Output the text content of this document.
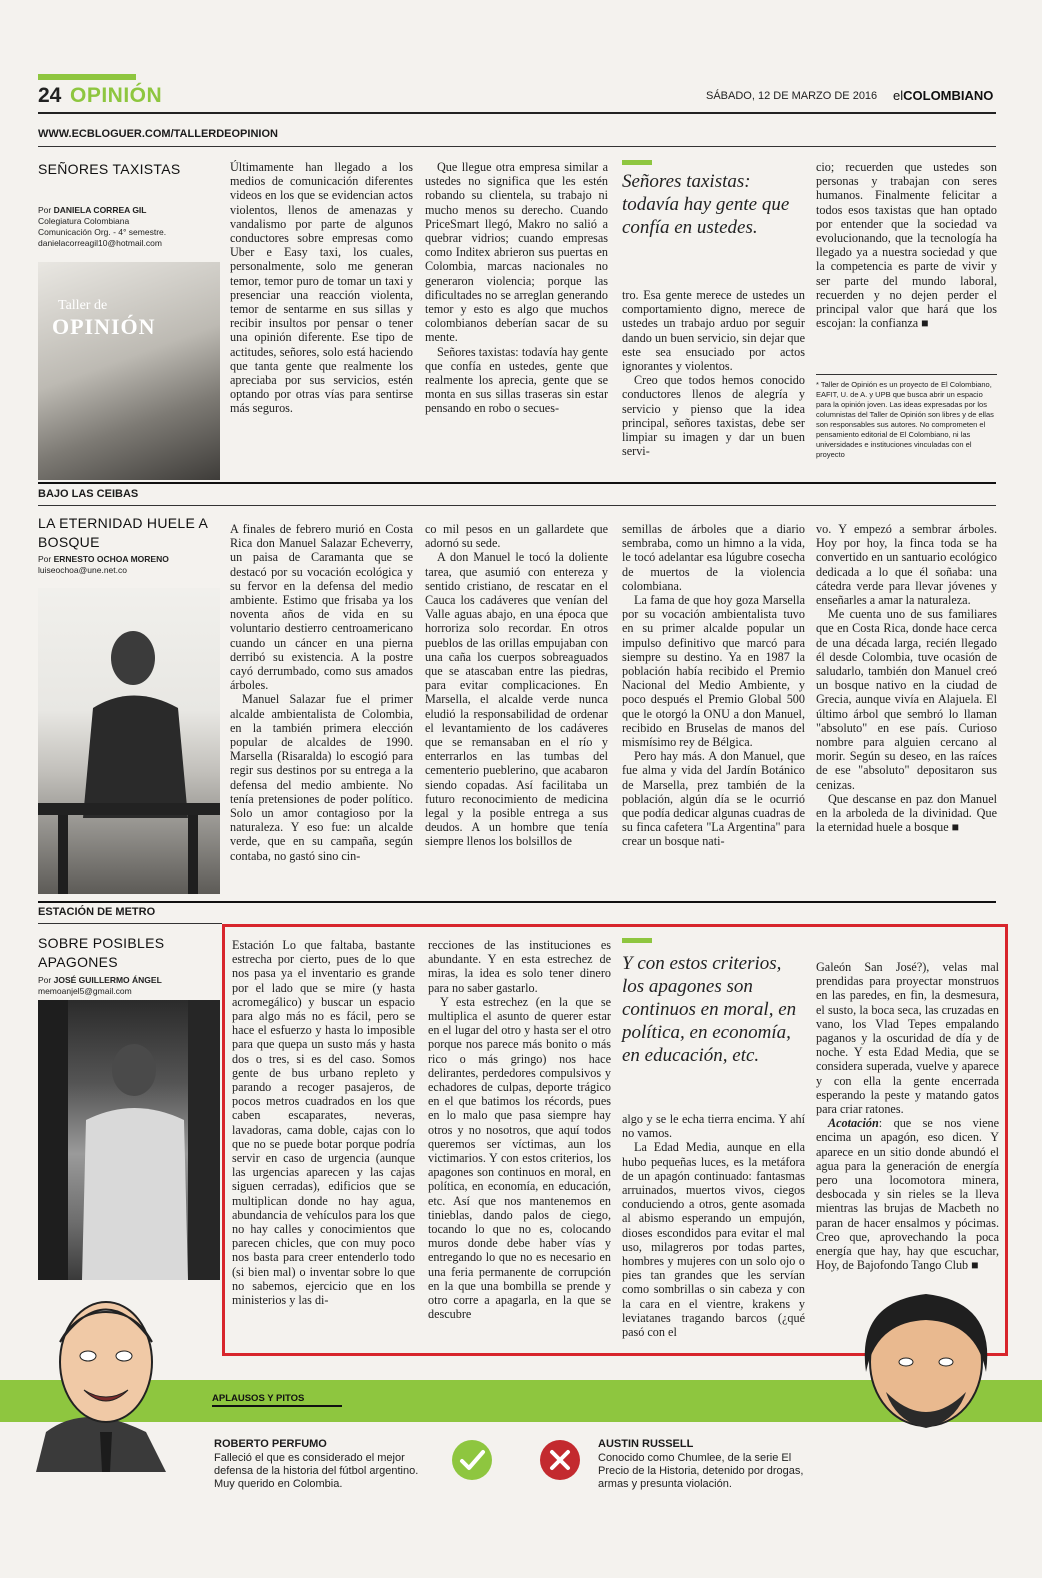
24 OPINIÓN	SÁBADO, 12 DE MARZO DE 2016 elCOLOMBIANO
WWW.ECBLOGUER.COM/TALLERDEOPINION
SEÑORES TAXISTAS
Por DANIELA CORREA GIL
Colegiatura Colombiana
Comunicación Org. - 4° semestre.
danielacorreagil10@hotmail.com
Taller de
OPINIÓN

Últimamente han llegado a los medios de comunicación diferentes videos en los que se evidencian actos violentos, llenos de amenazas y vandalismo por parte de algunos conductores sobre empresas como Uber e Easy taxi, los cuales, personalmente, solo me generan temor, temor puro de tomar un taxi y presenciar una reacción violenta, temor de sentarme en sus sillas y recibir insultos por pensar o tener una opinión diferente. Ese tipo de actitudes, señores, solo está haciendo que tanta gente que realmente los apreciaba por sus servicios, estén optando por otras vías para sentirse más seguros.

Que llegue otra empresa similar a ustedes no significa que les estén robando su clientela, su trabajo ni mucho menos su derecho. Cuando PriceSmart llegó, Makro no salió a quebrar vidrios; cuando empresas como Inditex abrieron sus puertas en Colombia, marcas nacionales no generaron violencia; porque las dificultades no se arreglan generando temor y esto es algo que muchos colombianos deberían sacar de su mente.

Señores taxistas: todavía hay gente que confía en ustedes, gente que realmente los aprecia, gente que se monta en sus sillas traseras sin estar pensando en robo o secues-

Señores taxistas: todavía hay gente que confía en ustedes.

tro. Esa gente merece de ustedes un comportamiento digno, merece de ustedes un trabajo arduo por seguir dando un buen servicio, sin dejar que este sea ensuciado por actos ignorantes y violentos.

Creo que todos hemos conocido conductores llenos de alegría y servicio y pienso que la idea principal, señores taxistas, debe ser limpiar su imagen y dar un buen servi-

cio; recuerden que ustedes son personas y trabajan con seres humanos. Finalmente felicitar a todos esos taxistas que han optado por entender que la sociedad va evolucionando, que la tecnología ha llegado ya a nuestra sociedad y que la competencia es parte de vivir y ser parte del mundo laboral, recuerden y no dejen perder el principal valor que hará que los escojan: la confianza ■

* Taller de Opinión es un proyecto de El Colombiano, EAFIT, U. de A. y UPB que busca abrir un espacio para la opinión joven. Las ideas expresadas por los columnistas del Taller de Opinión son libres y de ellas son responsables sus autores. No comprometen el pensamiento editorial de El Colombiano, ni las universidades e instituciones vinculadas con el proyecto
BAJO LAS CEIBAS
LA ETERNIDAD HUELE A BOSQUE
Por ERNESTO OCHOA MORENO
luiseochoa@une.net.co

A finales de febrero murió en Costa Rica don Manuel Salazar Echeverry, un paisa de Caramanta que se destacó por su vocación ecológica y su fervor en la defensa del medio ambiente. Estimo que frisaba ya los noventa años de vida en su voluntario destierro centroamericano cuando un cáncer en una pierna derribó su existencia. A la postre cayó derrumbado, como sus amados árboles.

Manuel Salazar fue el primer alcalde ambientalista de Colombia, en la también primera elección popular de alcaldes de 1990. Marsella (Risaralda) lo escogió para regir sus destinos por su entrega a la defensa del medio ambiente. No tenía pretensiones de poder político. Solo un amor contagioso por la naturaleza. Y eso fue: un alcalde verde, que en su campaña, según contaba, no gastó sino cin-

co mil pesos en un gallardete que adornó su sede.

A don Manuel le tocó la doliente tarea, que asumió con entereza y sentido cristiano, de rescatar en el Cauca los cadáveres que venían del Valle aguas abajo, en una época que horroriza solo recordar. En otros pueblos de las orillas empujaban con una caña los cuerpos sobreaguados que se atascaban entre las piedras, para evitar complicaciones. En Marsella, el alcalde verde nunca eludió la responsabilidad de ordenar el levantamiento de los cadáveres que se remansaban en el río y enterrarlos en las tumbas del cementerio pueblerino, que acabaron siendo copadas. Así facilitaba un futuro reconocimiento de medicina legal y la posible entrega a sus deudos. A un hombre que tenía siempre llenos los bolsillos de

semillas de árboles que a diario sembraba, como un himno a la vida, le tocó adelantar esa lúgubre cosecha de muertos de la violencia colombiana.

La fama de que hoy goza Marsella por su vocación ambientalista tuvo en su primer alcalde popular un impulso definitivo que marcó para siempre su destino. Ya en 1987 la población había recibido el Premio Nacional del Medio Ambiente, y poco después el Premio Global 500 que le otorgó la ONU a don Manuel, recibido en Bruselas de manos del mismísimo rey de Bélgica.

Pero hay más. A don Manuel, que fue alma y vida del Jardín Botánico de Marsella, prez también de la población, algún día se le ocurrió que podía dedicar algunas cuadras de su finca cafetera "La Argentina" para crear un bosque nati-

vo. Y empezó a sembrar árboles. Hoy por hoy, la finca toda se ha convertido en un santuario ecológico dedicada a lo que él soñaba: una cátedra verde para llevar jóvenes y enseñarles a amar la naturaleza.

Me cuenta uno de sus familiares que en Costa Rica, donde hace cerca de una década larga, recién llegado él desde Colombia, tuve ocasión de saludarlo, también don Manuel creó un bosque nativo en la ciudad de Grecia, aunque vivía en Alajuela. El último árbol que sembró lo llaman "absoluto" en ese país. Curioso nombre para alguien cercano al morir. Según su deseo, en las raíces de ese "absoluto" depositaron sus cenizas.

Que descanse en paz don Manuel en la arboleda de la divinidad. Que la eternidad huele a bosque ■

ESTACIÓN DE METRO
SOBRE POSIBLES APAGONES
Por JOSÉ GUILLERMO ÁNGEL
memoanjel5@gmail.com

Estación Lo que faltaba, bastante estrecha por cierto, pues de lo que nos pasa ya el inventario es grande por el lado que se mire (y hasta acromegálico) y buscar un espacio para algo más no es fácil, pero se hace el esfuerzo y hasta lo imposible para que quepa un susto más y hasta dos o tres, si es del caso. Somos gente de bus urbano repleto y parando a recoger pasajeros, de pocos metros cuadrados en los que caben escaparates, neveras, lavadoras, cama doble, cajas con lo que no se puede botar porque podría servir en caso de urgencia (aunque las urgencias aparecen y las cajas siguen cerradas), edificios que se multiplican donde no hay agua, abundancia de vehículos para los que no hay calles y conocimientos que parecen chicles, que con muy poco nos basta para creer entenderlo todo (si bien mal) o inventar sobre lo que no sabemos, ejercicio que en los ministerios y las di-

recciones de las instituciones es abundante. Y en esta estrechez de miras, la idea es solo tener dinero para no saber gastarlo.

Y esta estrechez (en la que se multiplica el asunto de querer estar en el lugar del otro y hasta ser el otro porque nos parece más bonito o más rico o más gringo) nos hace delirantes, perdedores compulsivos y echadores de culpas, deporte trágico en el que batimos los récords, pues en lo malo que pasa siempre hay otros y no nosotros, que aquí todos queremos ser víctimas, aun los victimarios. Y con estos criterios, los apagones son continuos en moral, en política, en economía, en educación, etc. Así que nos mantenemos en tinieblas, dando palos de ciego, tocando lo que no es, colocando muros donde debe haber vías y entregando lo que no es necesario en una feria permanente de corrupción en la que una bombilla se prende y otro corre a apagarla, en la que se descubre

Y con estos criterios, los apagones son continuos en moral, en política, en economía, en educación, etc.

algo y se le echa tierra encima. Y ahí no vamos.

La Edad Media, aunque en ella hubo pequeñas luces, es la metáfora de un apagón continuado: fantasmas arruinados, muertos vivos, ciegos conduciendo a otros, gente asomada al abismo esperando un empujón, dioses escondidos para evitar el mal uso, milagreros por todas partes, hombres y mujeres con un solo ojo o pies tan grandes que les servían como sombrillas o sin cabeza y con la cara en el vientre, krakens y leviatanes tragando barcos (¿qué pasó con el

Galeón San José?), velas mal prendidas para proyectar monstruos en las paredes, en fin, la desmesura, el susto, la boca seca, las cruzadas en vano, los Vlad Tepes empalando paganos y la oscuridad de día y de noche. Y esta Edad Media, que se considera superada, vuelve y aparece y con ella la gente encerrada esperando la peste y matando gatos para criar ratones.

Acotación: que se nos viene encima un apagón, eso dicen. Y aparece en un sitio donde abundó el agua para la generación de energía pero una locomotora minera, desbocada y sin rieles se la lleva mientras las brujas de Macbeth no paran de hacer ensalmos y pócimas. Creo que, aprovechando la poca energía que hay, hay que escuchar, Hoy, de Bajofondo Tango Club ■

APLAUSOS Y PITOS
ROBERTO PERFUMO
Falleció el que es considerado el mejor defensa de la historia del fútbol argentino. Muy querido en Colombia.
AUSTIN RUSSELL
Conocido como Chumlee, de la serie El Precio de la Historia, detenido por drogas, armas y presunta violación.
